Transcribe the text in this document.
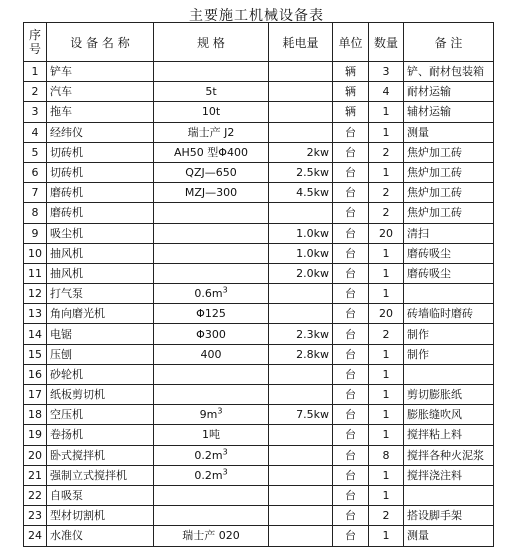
主要施工机械设备表
序
号	设 备 名 称	规 格	耗电量	单位	数量	备 注
1	铲车			辆	3	铲、耐材包装箱
2	汽车	5t		辆	4	耐材运输
3	拖车	10t		辆	1	辅材运输
4	经纬仪	瑞士产 J2		台	1	测量
5	切砖机	AH50 型Φ400	2kw	台	2	焦炉加工砖
6	切砖机	QZJ—650	2.5kw	台	1	焦炉加工砖
7	磨砖机	MZJ—300	4.5kw	台	2	焦炉加工砖
8	磨砖机			台	2	焦炉加工砖
9	吸尘机		1.0kw	台	20	清扫
10	抽风机		1.0kw	台	1	磨砖吸尘
11	抽风机		2.0kw	台	1	磨砖吸尘
12	打气泵	$0.6m^3$		台	1	
13	角向磨光机	Φ125		台	20	砖墙临时磨砖
14	电锯	Φ300	2.3kw	台	2	制作
15	压刨	400	2.8kw	台	1	制作
16	砂轮机			台	1	
17	纸板剪切机			台	1	剪切膨胀纸
18	空压机	$9m^3$	7.5kw	台	1	膨胀缝吹风
19	卷扬机	1吨		台	1	搅拌粘上料
20	卧式搅拌机	$0.2m^3$		台	8	搅拌各种火泥浆
21	强制立式搅拌机	$0.2m^3$		台	1	搅拌浇注料
22	自吸泵			台	1	
23	型材切割机			台	2	搭设脚手架
24	水准仪	瑞士产 020		台	1	测量
